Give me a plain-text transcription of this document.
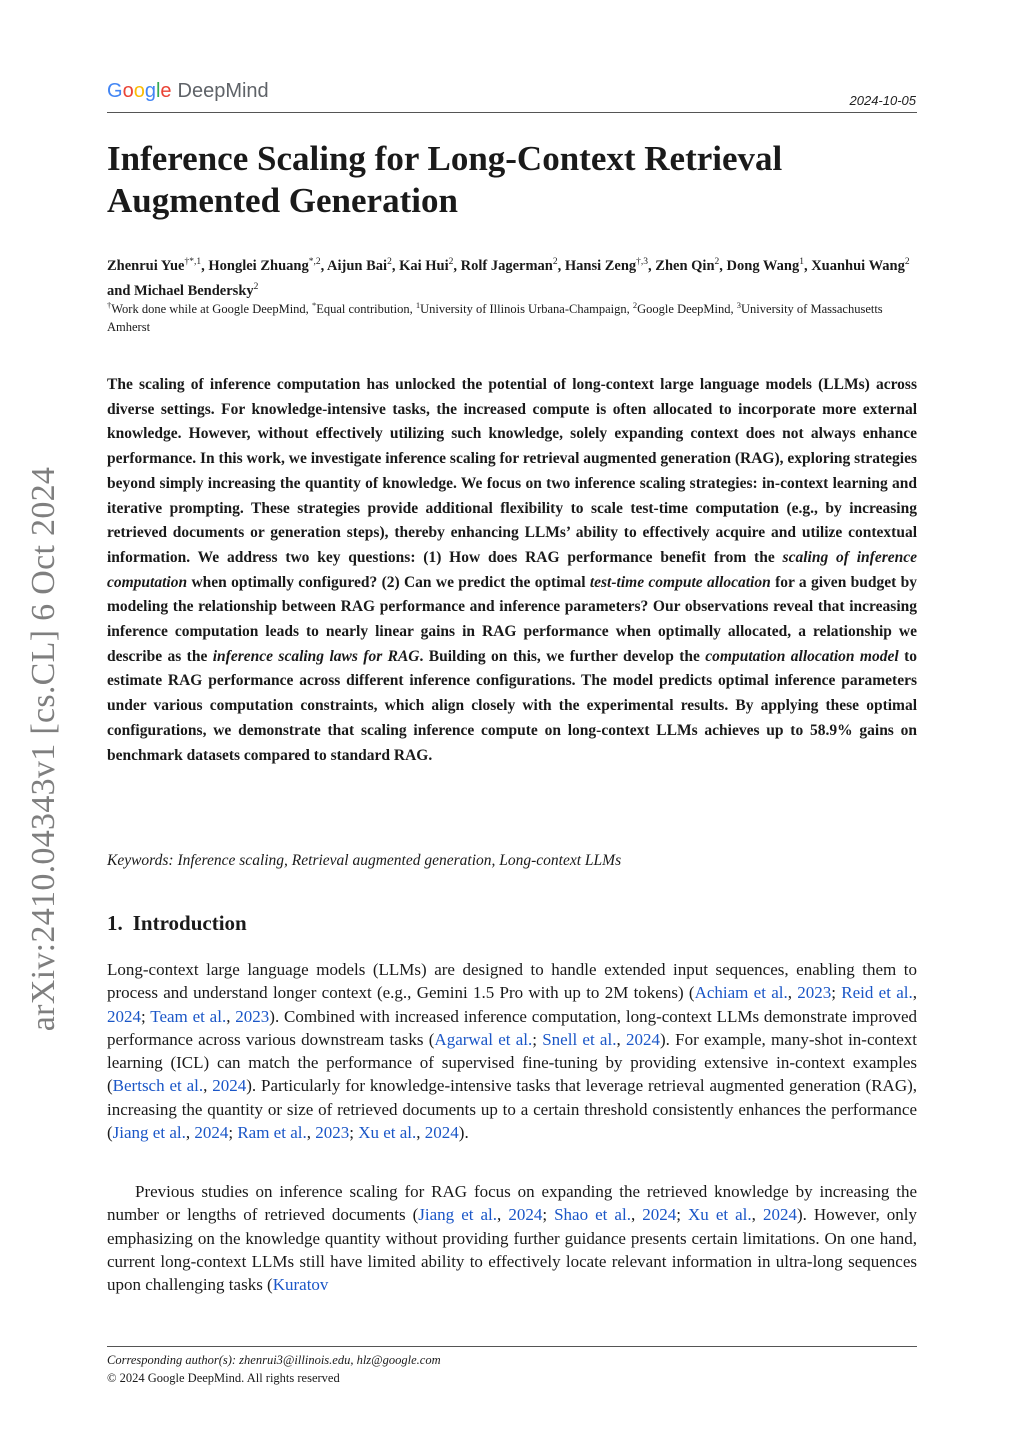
arXiv:2410.04343v1 [cs.CL] 6 Oct 2024
G o o g l e DeepMind	2024-10-05
Inference Scaling for Long-Context Retrieval Augmented Generation
Zhenrui Yue$^{\dagger*,1}$, Honglei Zhuang$^{*,2}$, Aijun Bai$^2$, Kai Hui$^2$, Rolf Jagerman$^2$, Hansi Zeng$^{\dagger,3}$, Zhen Qin$^2$, Dong Wang$^1$, Xuanhui Wang$^2$ and Michael Bendersky$^2$
†Work done while at Google DeepMind, *Equal contribution, $^1$University of Illinois Urbana-Champaign, $^2$Google DeepMind, $^3$University of Massachusetts Amherst

The scaling of inference computation has unlocked the potential of long-context large language models (LLMs) across diverse settings. For knowledge-intensive tasks, the increased compute is often allocated to incorporate more external knowledge. However, without effectively utilizing such knowledge, solely expanding context does not always enhance performance. In this work, we investigate inference scaling for retrieval augmented generation (RAG), exploring strategies beyond simply increasing the quantity of knowledge. We focus on two inference scaling strategies: in-context learning and iterative prompting. These strategies provide additional flexibility to scale test-time computation (e.g., by increasing retrieved documents or generation steps), thereby enhancing LLMs’ ability to effectively acquire and utilize contextual information. We address two key questions: (1) How does RAG performance benefit from the scaling of inference computation when optimally configured? (2) Can we predict the optimal test-time compute allocation for a given budget by modeling the relationship between RAG performance and inference parameters? Our observations reveal that increasing inference computation leads to nearly linear gains in RAG performance when optimally allocated, a relationship we describe as the inference scaling laws for RAG. Building on this, we further develop the computation allocation model to estimate RAG performance across different inference configurations. The model predicts optimal inference parameters under various computation constraints, which align closely with the experimental results. By applying these optimal configurations, we demonstrate that scaling inference compute on long-context LLMs achieves up to 58.9% gains on benchmark datasets compared to standard RAG.

Keywords: Inference scaling, Retrieval augmented generation, Long-context LLMs
1. Introduction

Long-context large language models (LLMs) are designed to handle extended input sequences, enabling them to process and understand longer context (e.g., Gemini 1.5 Pro with up to 2M tokens) (Achiam et al., 2023; Reid et al., 2024; Team et al., 2023). Combined with increased inference computation, long-context LLMs demonstrate improved performance across various downstream tasks (Agarwal et al.; Snell et al., 2024). For example, many-shot in-context learning (ICL) can match the performance of supervised fine-tuning by providing extensive in-context examples (Bertsch et al., 2024). Particularly for knowledge-intensive tasks that leverage retrieval augmented generation (RAG), increasing the quantity or size of retrieved documents up to a certain threshold consistently enhances the performance (Jiang et al., 2024; Ram et al., 2023; Xu et al., 2024).

Previous studies on inference scaling for RAG focus on expanding the retrieved knowledge by increasing the number or lengths of retrieved documents (Jiang et al., 2024; Shao et al., 2024; Xu et al., 2024). However, only emphasizing on the knowledge quantity without providing further guidance presents certain limitations. On one hand, current long-context LLMs still have limited ability to effectively locate relevant information in ultra-long sequences upon challenging tasks (Kuratov

Corresponding author(s): zhenrui3@illinois.edu, hlz@google.com
© 2024 Google DeepMind. All rights reserved
